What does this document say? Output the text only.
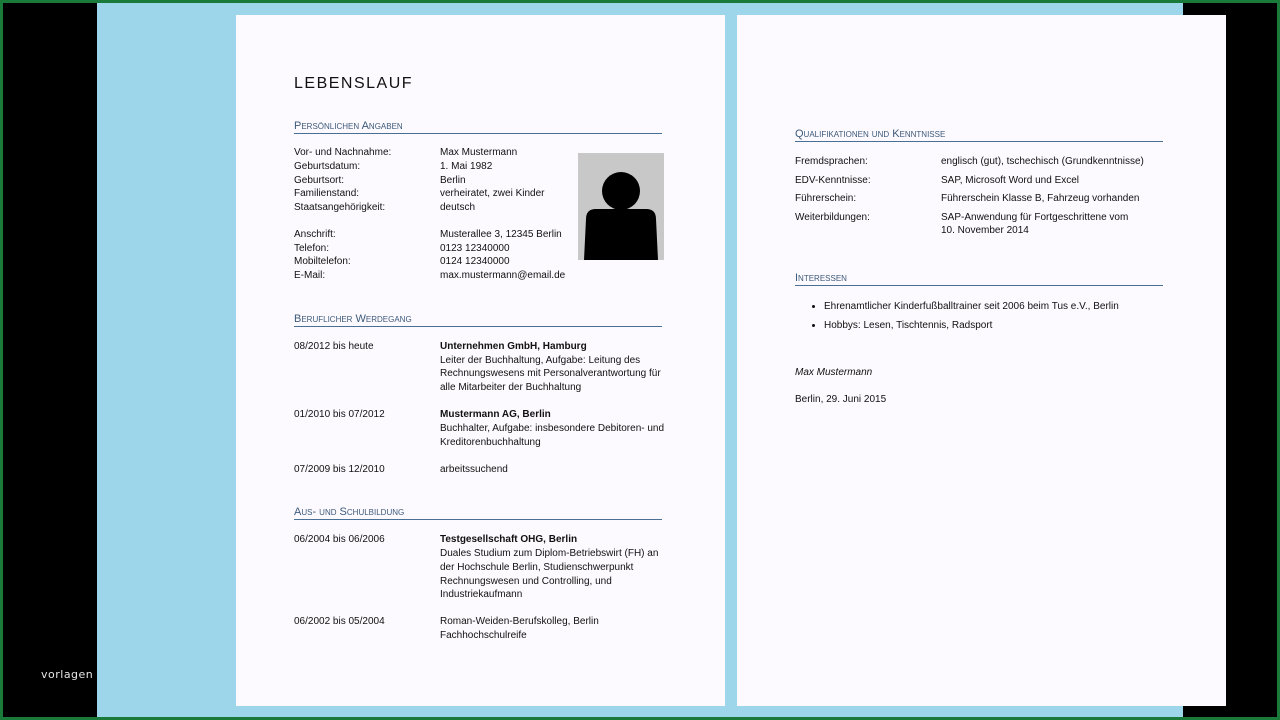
vorlagen
LEBENSLAUF
Persönlichen Angaben
Vor- und Nachnahme:	Max Mustermann
Geburtsdatum:	1. Mai 1982
Geburtsort:	Berlin
Familienstand:	verheiratet, zwei Kinder
Staatsangehörigkeit:	deutsch
Anschrift:	Musterallee 3, 12345 Berlin
Telefon:	0123 12340000
Mobiltelefon:	0124 12340000
E-Mail:	max.mustermann@email.de
Beruflicher Werdegang
08/2012 bis heute	Unternehmen GmbH, Hamburg
Leiter der Buchhaltung, Aufgabe: Leitung des
Rechnungswesens mit Personalverantwortung für
alle Mitarbeiter der Buchhaltung
01/2010 bis 07/2012	Mustermann AG, Berlin
Buchhalter, Aufgabe: insbesondere Debitoren- und
Kreditorenbuchhaltung
07/2009 bis 12/2010	arbeitssuchend
Aus- und Schulbildung
06/2004 bis 06/2006	Testgesellschaft OHG, Berlin
Duales Studium zum Diplom-Betriebswirt (FH) an
der Hochschule Berlin, Studienschwerpunkt
Rechnungswesen und Controlling, und
Industriekaufmann
06/2002 bis 05/2004	Roman-Weiden-Berufskolleg, Berlin
Fachhochschulreife
Qualifikationen und Kenntnisse
Fremdsprachen:	englisch (gut), tschechisch (Grundkenntnisse)
EDV-Kenntnisse:	SAP, Microsoft Word und Excel
Führerschein:	Führerschein Klasse B, Fahrzeug vorhanden
Weiterbildungen:	SAP-Anwendung für Fortgeschrittene vom
10. November 2014
Interessen
• Ehrenamtlicher Kinderfußballtrainer seit 2006 beim Tus e.V., Berlin
• Hobbys: Lesen, Tischtennis, Radsport
Max Mustermann
Berlin, 29. Juni 2015
